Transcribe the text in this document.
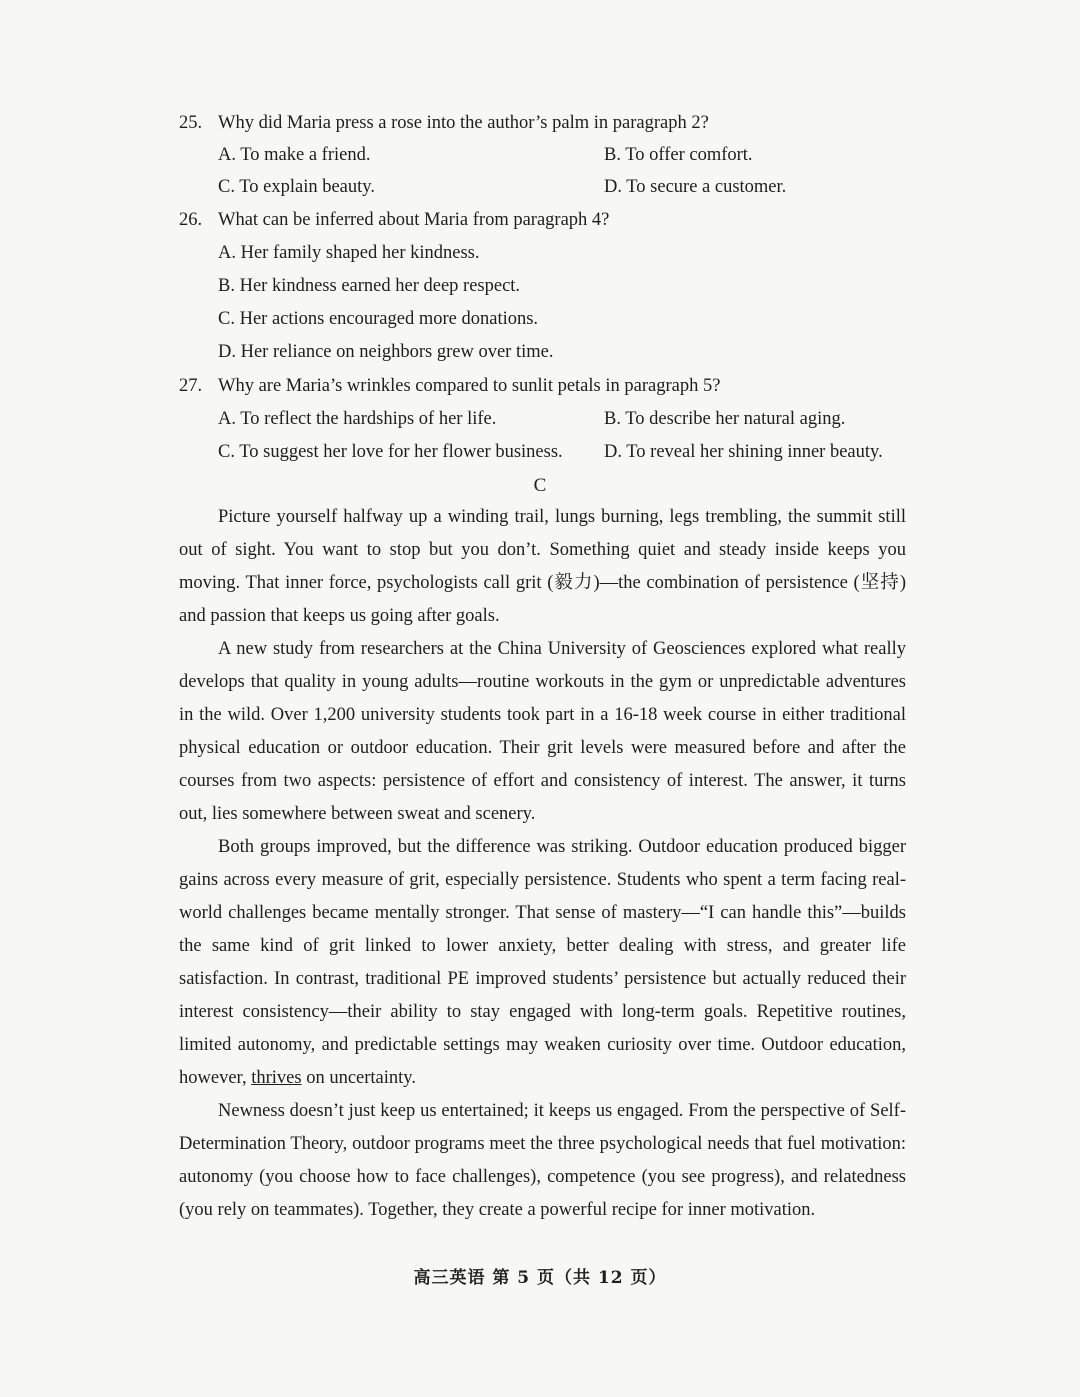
25. Why did Maria press a rose into the author’s palm in paragraph 2?
A. To make a friend.	B. To offer comfort.
C. To explain beauty.	D. To secure a customer.
26. What can be inferred about Maria from paragraph 4?
A. Her family shaped her kindness.
B. Her kindness earned her deep respect.
C. Her actions encouraged more donations.
D. Her reliance on neighbors grew over time.
27. Why are Maria’s wrinkles compared to sunlit petals in paragraph 5?
A. To reflect the hardships of her life.	B. To describe her natural aging.
C. To suggest her love for her flower business. D. To reveal her shining inner beauty.
C

Picture yourself halfway up a winding trail, lungs burning, legs trembling, the summit still out of sight. You want to stop but you don’t. Something quiet and steady inside keeps you moving. That inner force, psychologists call grit (毅力)—the combination of persistence (坚持) and passion that keeps us going after goals.

A new study from researchers at the China University of Geosciences explored what really develops that quality in young adults—routine workouts in the gym or unpredictable adventures in the wild. Over 1,200 university students took part in a 16-18 week course in either traditional physical education or outdoor education. Their grit levels were measured before and after the courses from two aspects: persistence of effort and consistency of interest. The answer, it turns out, lies somewhere between sweat and scenery.

Both groups improved, but the difference was striking. Outdoor education produced bigger gains across every measure of grit, especially persistence. Students who spent a term facing real-world challenges became mentally stronger. That sense of mastery—“I can handle this”—builds the same kind of grit linked to lower anxiety, better dealing with stress, and greater life satisfaction. In contrast, traditional PE improved students’ persistence but actually reduced their interest consistency—their ability to stay engaged with long-term goals. Repetitive routines, limited autonomy, and predictable settings may weaken curiosity over time. Outdoor education, however, thrives on uncertainty.

Newness doesn’t just keep us entertained; it keeps us engaged. From the perspective of Self-Determination Theory, outdoor programs meet the three psychological needs that fuel motivation: autonomy (you choose how to face challenges), competence (you see progress), and relatedness (you rely on teammates). Together, they create a powerful recipe for inner motivation.

高三英语 第 5 页（共 12 页）
